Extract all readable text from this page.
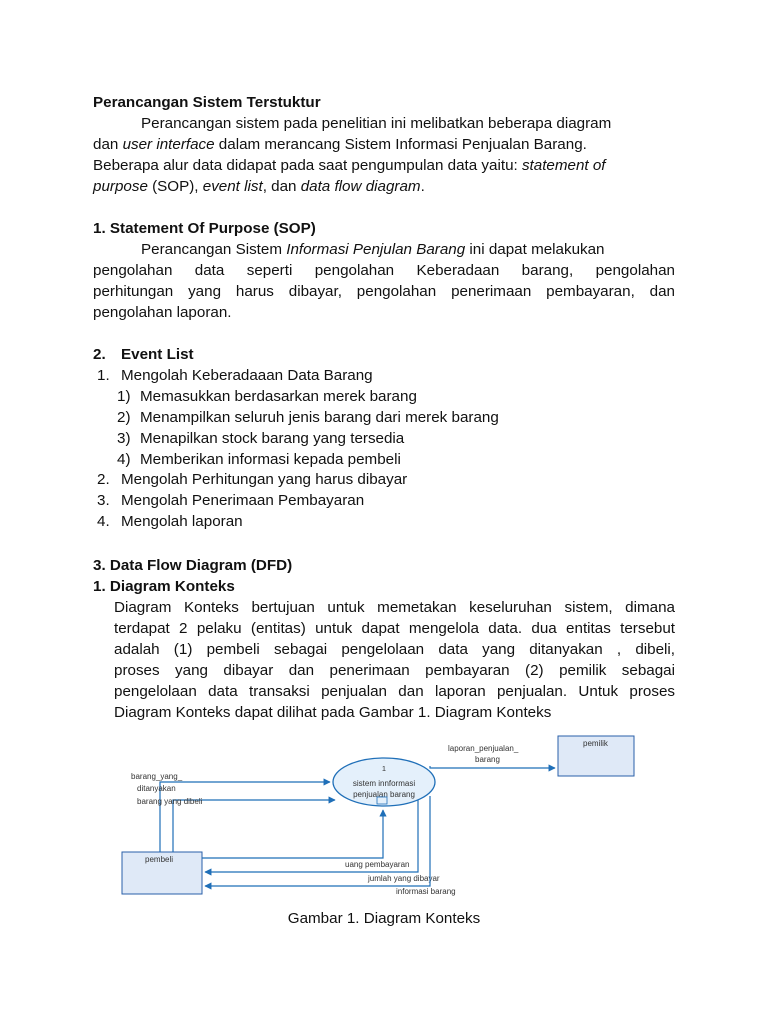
Perancangan Sistem Terstuktur
Perancangan sistem pada penelitian ini melibatkan beberapa diagram
dan user interface dalam merancang Sistem Informasi Penjualan Barang.
Beberapa alur data didapat pada saat pengumpulan data yaitu: statement of
purpose (SOP), event list, dan data flow diagram.
1. Statement Of Purpose (SOP)
Perancangan Sistem Informasi Penjulan Barang ini dapat melakukan
pengolahan data seperti pengolahan Keberadaan barang, pengolahan
perhitungan yang harus dibayar, pengolahan penerimaan pembayaran, dan
pengolahan laporan.
2. Event List
1. Mengolah Keberadaaan Data Barang
1) Memasukkan berdasarkan merek barang
2) Menampilkan seluruh jenis barang dari merek barang
3) Menapilkan stock barang yang tersedia
4) Memberikan informasi kepada pembeli
2. Mengolah Perhitungan yang harus dibayar
3. Mengolah Penerimaan Pembayaran
4. Mengolah laporan
3. Data Flow Diagram (DFD)
1. Diagram Konteks
Diagram Konteks bertujuan untuk memetakan keseluruhan sistem, dimana
terdapat 2 pelaku (entitas) untuk dapat mengelola data. dua entitas tersebut
adalah (1) pembeli sebagai pengelolaan data yang ditanyakan , dibeli,
proses yang dibayar dan penerimaan pembayaran (2) pemilik sebagai
pengelolaan data transaksi penjualan dan laporan penjualan. Untuk proses
Diagram Konteks dapat dilihat pada Gambar 1. Diagram Konteks
pemilik
pembeli
1
sistem innformasi
penjualan barang
laporan_penjualan_
barang
barang_yang_
ditanyakan
barang yang dibeli
uang pembayaran
jumlah yang dibayar
informasi barang
Gambar 1. Diagram Konteks
